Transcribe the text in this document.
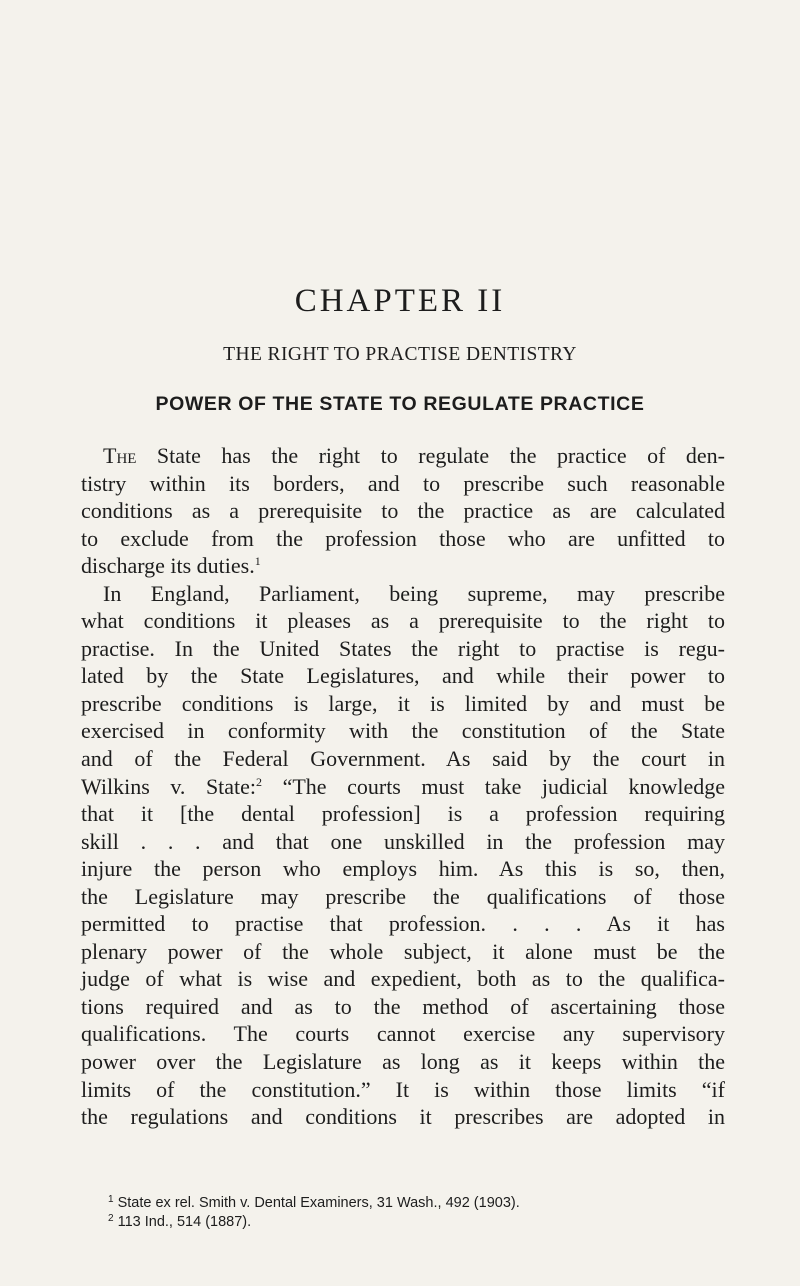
CHAPTER II
THE RIGHT TO PRACTISE DENTISTRY
POWER OF THE STATE TO REGULATE PRACTICE
The State has the right to regulate the practice of den-
tistry within its borders, and to prescribe such reasonable
conditions as a prerequisite to the practice as are calculated
to exclude from the profession those who are unfitted to
discharge its duties.$^1$
In England, Parliament, being supreme, may prescribe
what conditions it pleases as a prerequisite to the right to
practise. In the United States the right to practise is regu-
lated by the State Legislatures, and while their power to
prescribe conditions is large, it is limited by and must be
exercised in conformity with the constitution of the State
and of the Federal Government. As said by the court in
Wilkins v. State:$^2$ “The courts must take judicial knowledge
that it [the dental profession] is a profession requiring
skill . . . and that one unskilled in the profession may
injure the person who employs him. As this is so, then,
the Legislature may prescribe the qualifications of those
permitted to practise that profession. . . . As it has
plenary power of the whole subject, it alone must be the
judge of what is wise and expedient, both as to the qualifica-
tions required and as to the method of ascertaining those
qualifications. The courts cannot exercise any supervisory
power over the Legislature as long as it keeps within the
limits of the constitution.” It is within those limits “if
the regulations and conditions it prescribes are adopted in
$^1$ State ex rel. Smith v. Dental Examiners, 31 Wash., 492 (1903).
$^2$ 113 Ind., 514 (1887).
